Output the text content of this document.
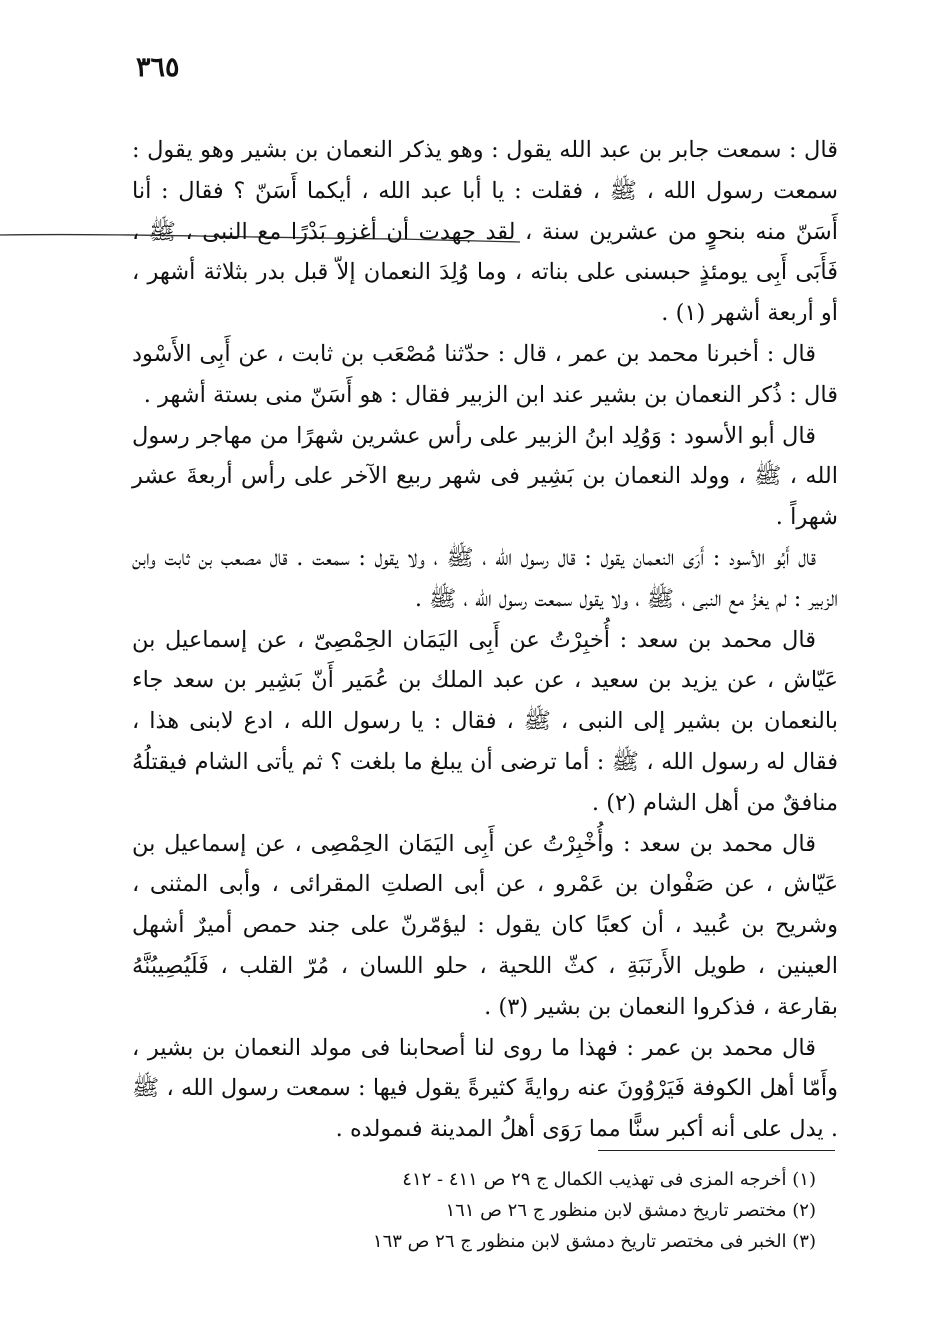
٣٦٥

قال : سمعت جابر بن عبد الله يقول : وهو يذكر النعمان بن بشير وهو يقول : سمعت رسول الله ، ﷺ ، فقلت : يا أبا عبد الله ، أيكما أَسَنّ ؟ فقال : أنا أَسَنّ منه بنحوٍ من عشرين سنة ، لقد جهدت أن أغزو بَدْرًا مع النبى ، ﷺ ، فَأَبَى أَبِى يومئذٍ حبسنى على بناته ، وما وُلِدَ النعمان إلاّ قبل بدر بثلاثة أشهر ، أو أربعة أشهر (١) .

قال : أخبرنا محمد بن عمر ، قال : حدّثنا مُصْعَب بن ثابت ، عن أَبِى الأَسْود قال : ذُكر النعمان بن بشير عند ابن الزبير فقال : هو أَسَنّ منى بستة أشهر .

قال أبو الأسود : وَوُلِد ابنُ الزبير على رأس عشرين شهرًا من مهاجر رسول الله ، ﷺ ، وولد النعمان بن بَشِير فى شهر ربيع الآخر على رأس أربعةَ عشر شهراً .

قال أَبُو الأسود : أَرَى النعمان يقول : قال رسول الله ، ﷺ ، ولا يقول : سمعت . قال مصعب بن ثابت وابن الزبير : لم يغزُ مع النبى ، ﷺ ، ولا يقول سمعت رسول الله ، ﷺ .

قال محمد بن سعد : أُخبِرْتُ عن أَبِى اليَمَان الحِمْصِىّ ، عن إسماعيل بن عَيّاش ، عن يزيد بن سعيد ، عن عبد الملك بن عُمَير أَنّ بَشِير بن سعد جاء بالنعمان بن بشير إلى النبى ، ﷺ ، فقال : يا رسول الله ، ادع لابنى هذا ، فقال له رسول الله ، ﷺ : أما ترضى أن يبلغ ما بلغت ؟ ثم يأتى الشام فيقتلُهُ منافقٌ من أهل الشام (٢) .

قال محمد بن سعد : وأُخْبِرْتُ عن أَبِى اليَمَان الحِمْصِى ، عن إسماعيل بن عَيّاش ، عن صَفْوان بن عَمْرو ، عن أبى الصلتِ المقرائى ، وأبى المثنى ، وشريح بن عُبيد ، أن كعبًا كان يقول : ليؤمّرنّ على جند حمص أميرٌ أشهل العينين ، طويل الأَرنَبَةِ ، كثّ اللحية ، حلو اللسان ، مُرّ القلب ، فَلَيُصِيبُنَّهُ بقارعة ، فذكروا النعمان بن بشير (٣) .

قال محمد بن عمر : فهذا ما روى لنا أصحابنا فى مولد النعمان بن بشير ، وأَمّا أهل الكوفة فَيَرْوُونَ عنه روايةً كثيرةً يقول فيها : سمعت رسول الله ، ﷺ . يدل على أنه أكبر سنًّا مما رَوَى أهلُ المدينة فىمولده .

(١) أخرجه المزى فى تهذيب الكمال ج ٢٩ ص ٤١١ - ٤١٢

(٢) مختصر تاريخ دمشق لابن منظور ج ٢٦ ص ١٦١

(٣) الخبر فى مختصر تاريخ دمشق لابن منظور ج ٢٦ ص ١٦٣
